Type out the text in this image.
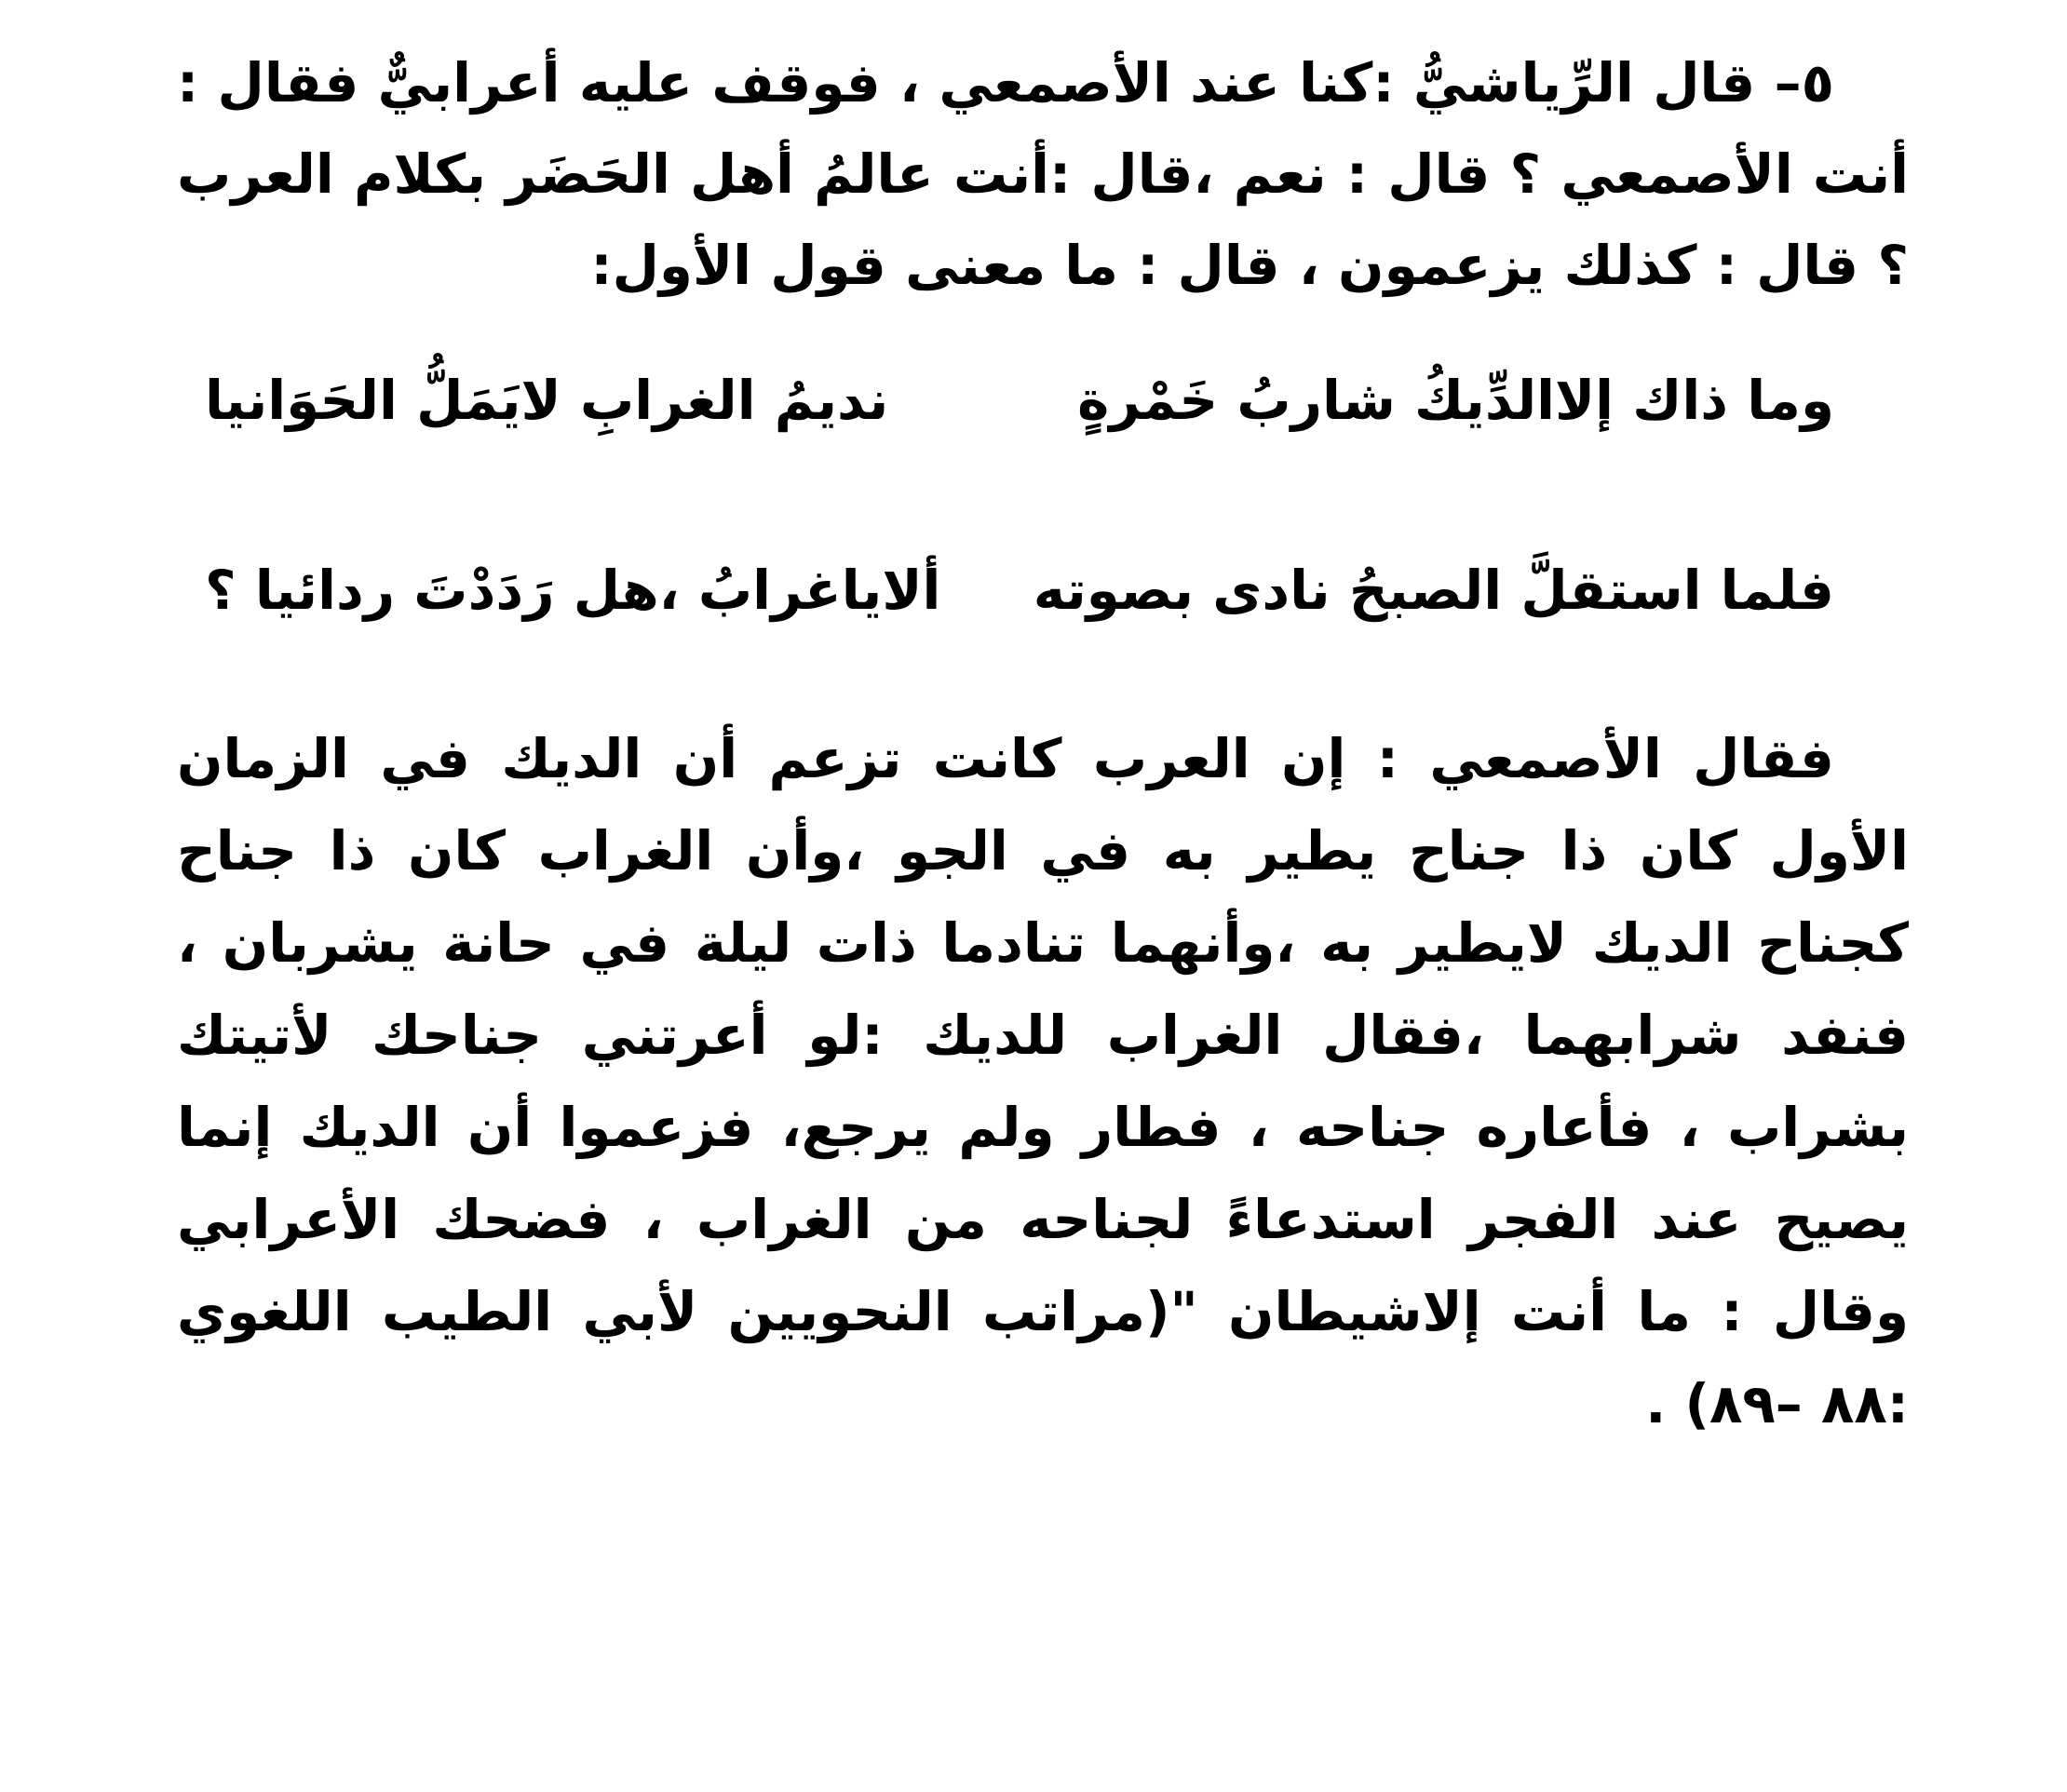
٥– قال الرِّياشيُّ :كنا عند الأصمعي ، فوقف عليه أعرابيٌّ فقال : أنت الأصمعي ؟ قال : نعم ،قال :أنت عالمُ أهل الحَضَر بكلام العرب ؟ قال : كذلك يزعمون ، قال : ما معنى قول الأول:

وما ذاك إلاالدِّيكُ شاربُ خَمْرةٍ
نديمُ الغرابِ لايَمَلُّ الحَوَانيا
فلما استقلَّ الصبحُ نادى بصوته
ألاياغرابُ ،هل رَدَدْتَ ردائيا ؟

فقال الأصمعي : إن العرب كانت تزعم أن الديك في الزمان الأول كان ذا جناح يطير به في الجو ،وأن الغراب كان ذا جناح كجناح الديك لايطير به ،وأنهما تنادما ذات ليلة في حانة يشربان ، فنفد شرابهما ،فقال الغراب للديك :لو أعرتني جناحك لأتيتك بشراب ، فأعاره جناحه ، فطار ولم يرجع، فزعموا أن الديك إنما يصيح عند الفجر استدعاءً لجناحه من الغراب ، فضحك الأعرابي وقال : ما أنت إلاشيطان "(مراتب النحويين لأبي الطيب اللغوي :٨٨ –٨٩) .
